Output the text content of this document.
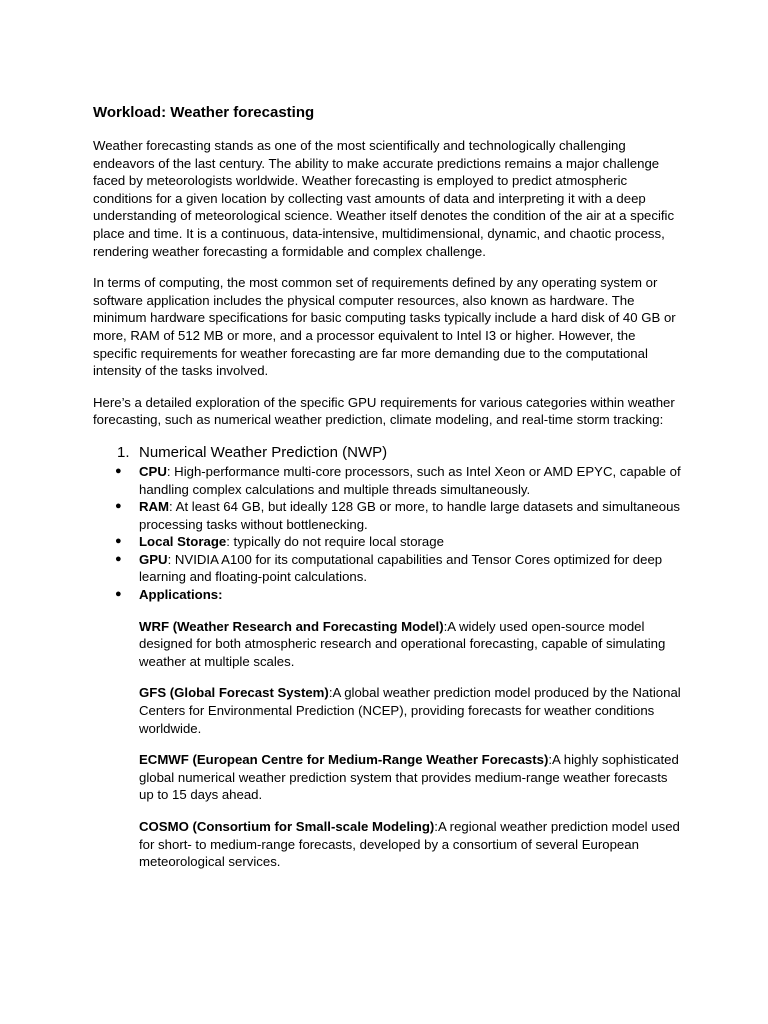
Workload: Weather forecasting

Weather forecasting stands as one of the most scientifically and technologically challenging endeavors of the last century. The ability to make accurate predictions remains a major challenge faced by meteorologists worldwide. Weather forecasting is employed to predict atmospheric conditions for a given location by collecting vast amounts of data and interpreting it with a deep understanding of meteorological science. Weather itself denotes the condition of the air at a specific place and time. It is a continuous, data-intensive, multidimensional, dynamic, and chaotic process, rendering weather forecasting a formidable and complex challenge.

In terms of computing, the most common set of requirements defined by any operating system or software application includes the physical computer resources, also known as hardware. The minimum hardware specifications for basic computing tasks typically include a hard disk of 40 GB or more, RAM of 512 MB or more, and a processor equivalent to Intel I3 or higher. However, the specific requirements for weather forecasting are far more demanding due to the computational intensity of the tasks involved.

Here’s a detailed exploration of the specific GPU requirements for various categories within weather forecasting, such as numerical weather prediction, climate modeling, and real-time storm tracking:

1. Numerical Weather Prediction (NWP)
●	CPU: High-performance multi-core processors, such as Intel Xeon or AMD EPYC, capable of handling complex calculations and multiple threads simultaneously.
●	RAM: At least 64 GB, but ideally 128 GB or more, to handle large datasets and simultaneous processing tasks without bottlenecking.
●	Local Storage: typically do not require local storage
●	GPU: NVIDIA A100 for its computational capabilities and Tensor Cores optimized for deep learning and floating-point calculations.
●	Applications:

WRF (Weather Research and Forecasting Model):A widely used open-source model designed for both atmospheric research and operational forecasting, capable of simulating weather at multiple scales.

GFS (Global Forecast System):A global weather prediction model produced by the National Centers for Environmental Prediction (NCEP), providing forecasts for weather conditions worldwide.

ECMWF (European Centre for Medium-Range Weather Forecasts):A highly sophisticated global numerical weather prediction system that provides medium-range weather forecasts up to 15 days ahead.

COSMO (Consortium for Small-scale Modeling):A regional weather prediction model used for short- to medium-range forecasts, developed by a consortium of several European meteorological services.
